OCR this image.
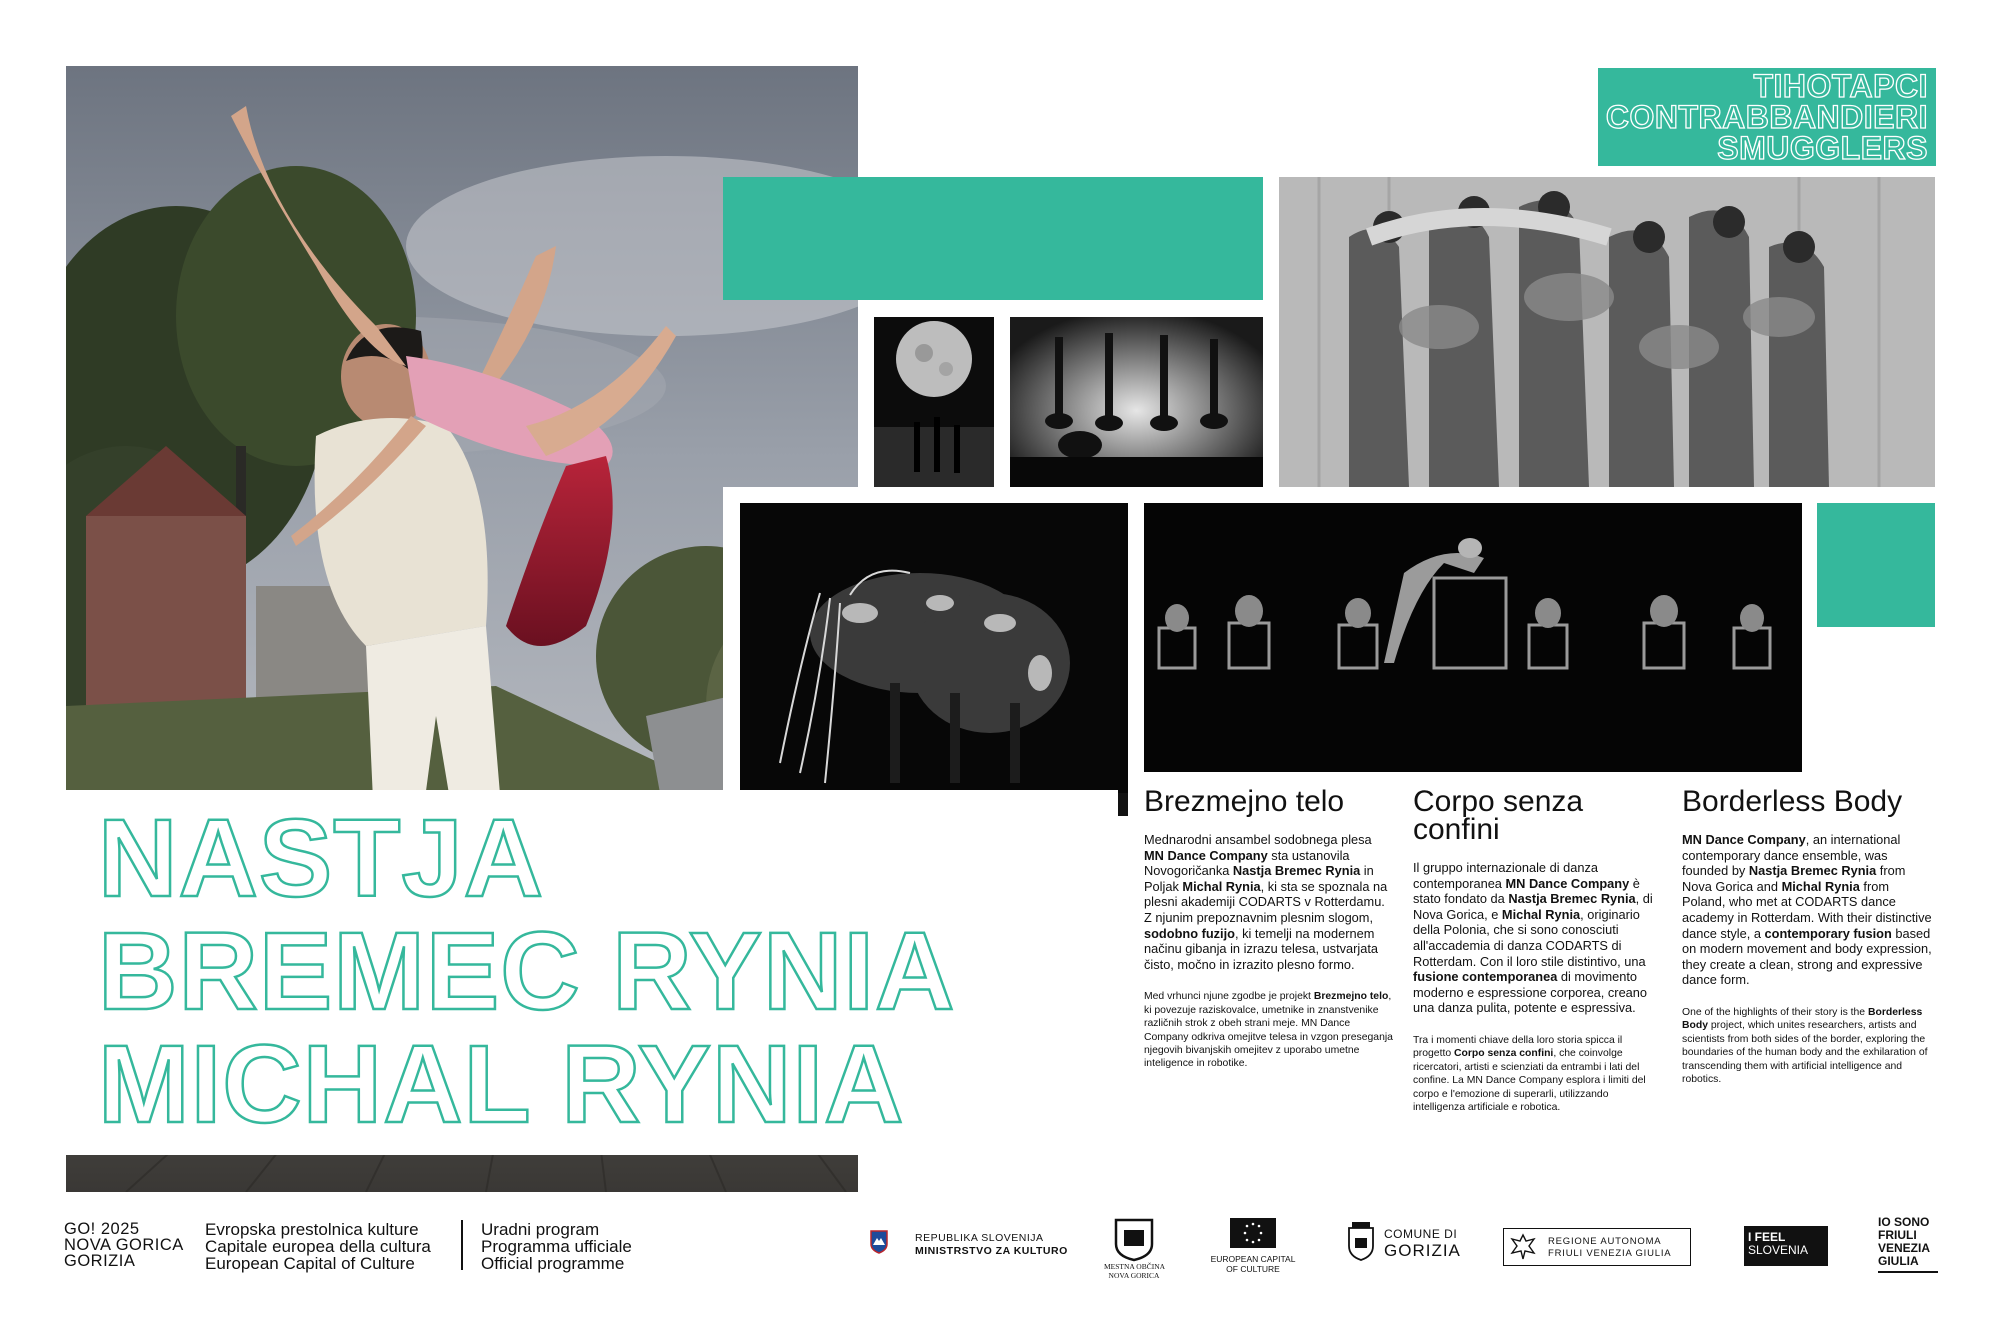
TIHOTAPCI
CONTRABBANDIERI
SMUGGLERS
NASTJA
BREMEC RYNIA
MICHAL RYNIA
Brezmejno telo

Mednarodni ansambel sodobnega plesa MN Dance Company sta ustanovila Novogoričanka Nastja Bremec Rynia in Poljak Michal Rynia, ki sta se spoznala na plesni akademiji CODARTS v Rotterdamu. Z njunim prepoznavnim plesnim slogom, sodobno fuzijo, ki temelji na modernem načinu gibanja in izrazu telesa, ustvarjata čisto, močno in izrazito plesno formo.

Med vrhunci njune zgodbe je projekt Brezmejno telo, ki povezuje raziskovalce, umetnike in znanstvenike različnih strok z obeh strani meje. MN Dance Company odkriva omejitve telesa in vzgon preseganja njegovih bivanjskih omejitev z uporabo umetne inteligence in robotike.

Corpo senza confini

Il gruppo internazionale di danza contemporanea MN Dance Company è stato fondato da Nastja Bremec Rynia, di Nova Gorica, e Michal Rynia, originario della Polonia, che si sono conosciuti all'accademia di danza CODARTS di Rotterdam. Con il loro stile distintivo, una fusione contemporanea di movimento moderno e espressione corporea, creano una danza pulita, potente e espressiva.

Tra i momenti chiave della loro storia spicca il progetto Corpo senza confini, che coinvolge ricercatori, artisti e scienziati da entrambi i lati del confine. La MN Dance Company esplora i limiti del corpo e l'emozione di superarli, utilizzando intelligenza artificiale e robotica.

Borderless Body

MN Dance Company, an international contemporary dance ensemble, was founded by Nastja Bremec Rynia from Nova Gorica and Michal Rynia from Poland, who met at CODARTS dance academy in Rotterdam. With their distinctive dance style, a contemporary fusion based on modern movement and body expression, they create a clean, strong and expressive dance form.

One of the highlights of their story is the Borderless Body project, which unites researchers, artists and scientists from both sides of the border, exploring the boundaries of the human body and the exhilaration of transcending them with artificial intelligence and robotics.

GO! 2025
NOVA GORICA
GORIZIA
Evropska prestolnica kulture
Capitale europea della cultura
European Capital of Culture
Uradni program
Programma ufficiale
Official programme
REPUBLIKA SLOVENIJA
MINISTRSTVO ZA KULTURO
MESTNA OBČINA
NOVA GORICA
EUROPEAN CAPITAL
OF CULTURE
COMUNE DI
GORIZIA	REGIONE AUTONOMA
FRIULI VENEZIA GIULIA
I FEEL
SLOVENIA
IO SONO
FRIULI
VENEZIA
GIULIA
